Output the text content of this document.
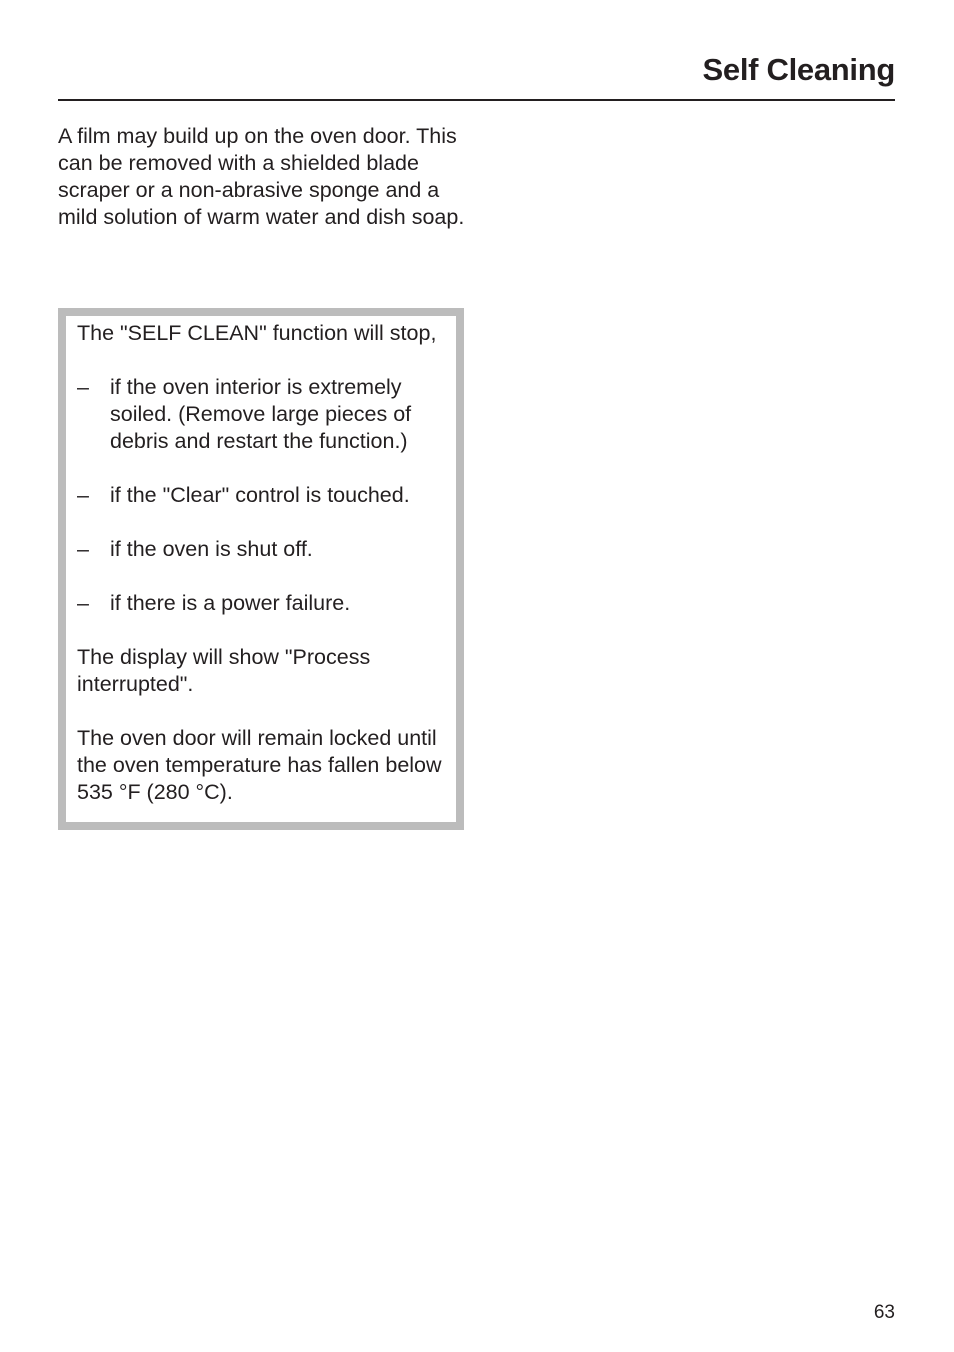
Self Cleaning

A film may build up on the oven door. This can be removed with a shielded blade scraper or a non-abrasive sponge and a mild solution of warm water and dish soap.

The "SELF CLEAN" function will stop,

– if the oven interior is extremely soiled. (Remove large pieces of debris and restart the function.)
– if the "Clear" control is touched.
– if the oven is shut off.
– if there is a power failure.

The display will show "Process interrupted".

The oven door will remain locked until the oven temperature has fallen below 535 °F (280 °C).

63
